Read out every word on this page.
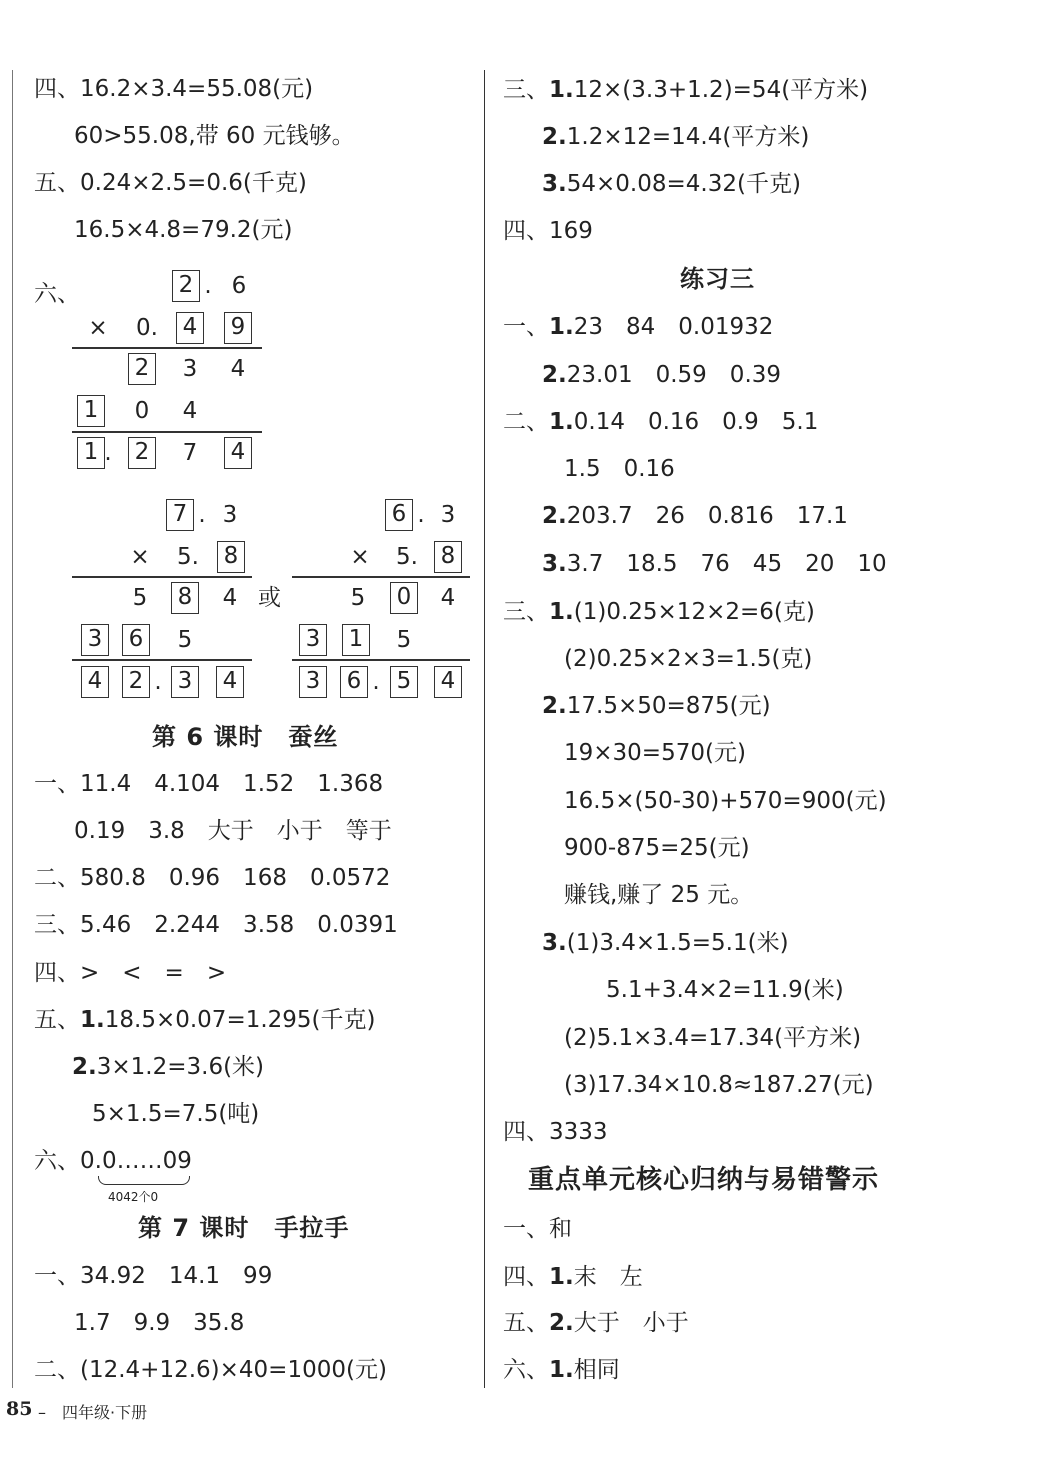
四、16.2×3.4=55.08(元)
60>55.08,带 60 元钱够。
五、0.24×2.5=0.6(千克)
16.5×4.8=79.2(元)
六、	2 . 6
× 0. 4 9
2 3 4
1 0 4
1 . 2 7 4
7 . 3
× 5. 8
5 8 4
3 6 5
4 2 . 3 4
或
6 . 3
× 5. 8
5 0 4
3 1 5
3 6 . 5 4
第 6 课时　蚕丝
一、11.4　4.104　1.52　1.368
0.19　3.8　大于　小于　等于
二、580.8　0.96　168　0.0572
三、5.46　2.244　3.58　0.0391
四、>　<　=　>
五、1.18.5×0.07=1.295(千克)
2.3×1.2=3.6(米)
5×1.5=7.5(吨)
六、0.0……09
4042个0
第 7 课时　手拉手
一、34.92　14.1　99
1.7　9.9　35.8
二、(12.4+12.6)×40=1000(元)
三、1.12×(3.3+1.2)=54(平方米)
2.1.2×12=14.4(平方米)
3.54×0.08=4.32(千克)
四、169
练习三
一、1.23　84　0.01932
2.23.01　0.59　0.39
二、1.0.14　0.16　0.9　5.1
1.5　0.16
2.203.7　26　0.816　17.1
3.3.7　18.5　76　45　20　10
三、1.(1)0.25×12×2=6(克)
(2)0.25×2×3=1.5(克)
2.17.5×50=875(元)
19×30=570(元)
16.5×(50-30)+570=900(元)
900-875=25(元)
赚钱,赚了 25 元。
3.(1)3.4×1.5=5.1(米)
5.1+3.4×2=11.9(米)
(2)5.1×3.4=17.34(平方米)
(3)17.34×10.8≈187.27(元)
四、3333
重点单元核心归纳与易错警示
一、和
四、1.末　左
五、2.大于　小于
六、1.相同
85 –　四年级·下册
